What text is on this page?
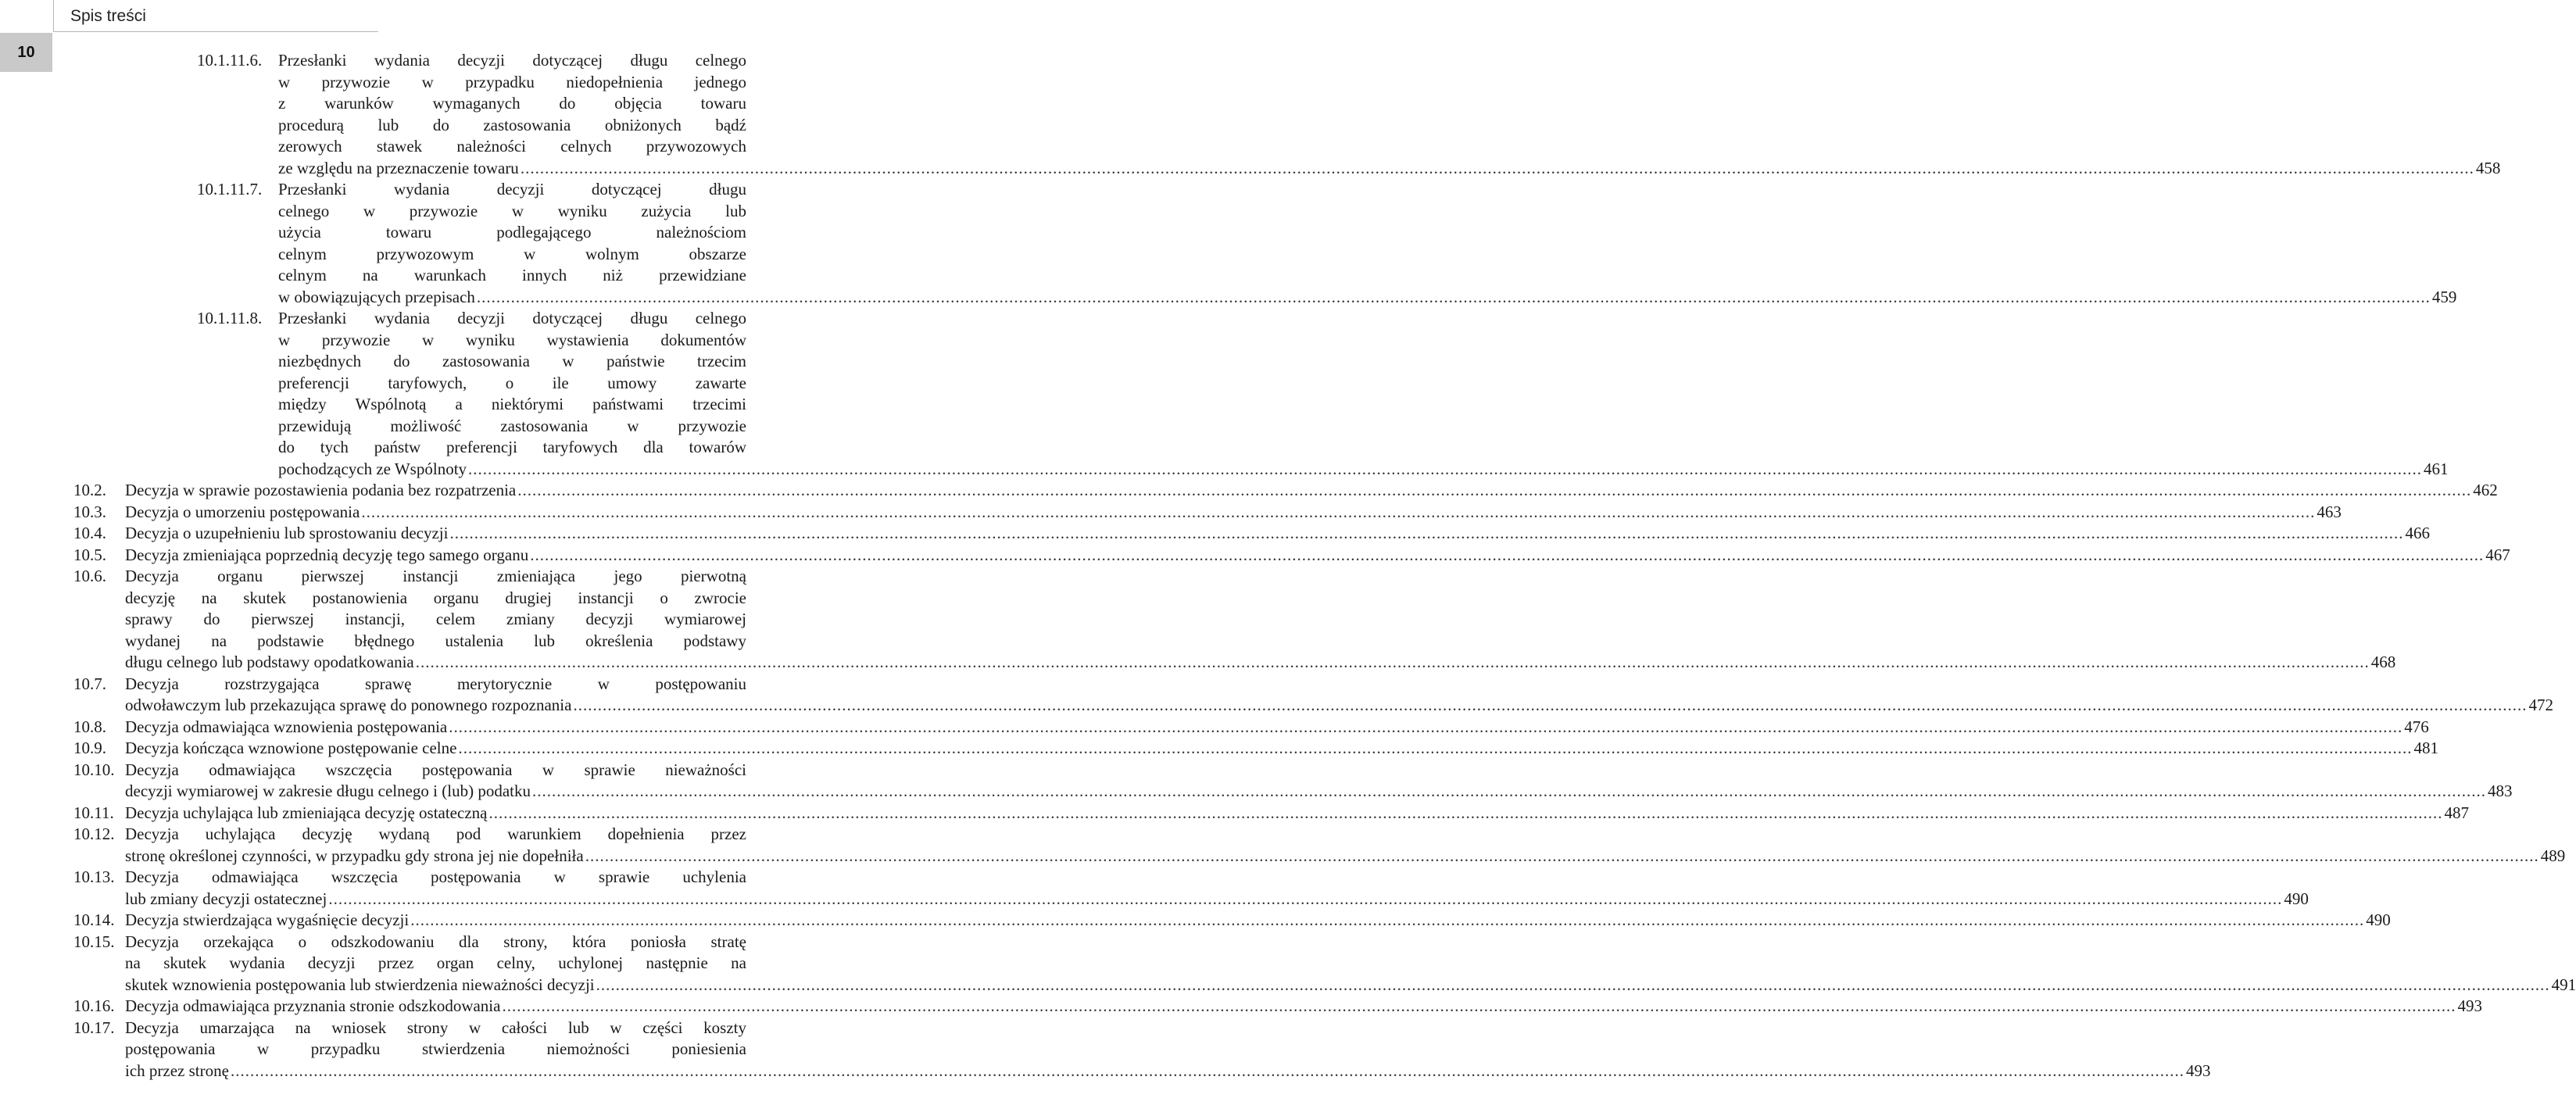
Spis treści
10	10.1.11.6. Przesłanki wydania decyzji dotyczącej długu celnego
w przywozie w przypadku niedopełnienia jednego
z warunków wymaganych do objęcia towaru
procedurą lub do zastosowania obniżonych bądź
zerowych stawek należności celnych przywozowych
ze względu na przeznaczenie towaru ................................................................................................................................................................................................................................................................................................................................................................................................................ 458
10.1.11.7. Przesłanki wydania decyzji dotyczącej długu
celnego w przywozie w wyniku zużycia lub
użycia towaru podlegającego należnościom
celnym przywozowym w wolnym obszarze
celnym na warunkach innych niż przewidziane
w obowiązujących przepisach ................................................................................................................................................................................................................................................................................................................................................................................................................ 459
10.1.11.8. Przesłanki wydania decyzji dotyczącej długu celnego
w przywozie w wyniku wystawienia dokumentów
niezbędnych do zastosowania w państwie trzecim
preferencji taryfowych, o ile umowy zawarte
między Wspólnotą a niektórymi państwami trzecimi
przewidują możliwość zastosowania w przywozie
do tych państw preferencji taryfowych dla towarów
pochodzących ze Wspólnoty ................................................................................................................................................................................................................................................................................................................................................................................................................ 461
10.2. Decyzja w sprawie pozostawienia podania bez rozpatrzenia ................................................................................................................................................................................................................................................................................................................................................................................................................ 462
10.3. Decyzja o umorzeniu postępowania ................................................................................................................................................................................................................................................................................................................................................................................................................ 463
10.4. Decyzja o uzupełnieniu lub sprostowaniu decyzji ................................................................................................................................................................................................................................................................................................................................................................................................................ 466
10.5. Decyzja zmieniająca poprzednią decyzję tego samego organu ................................................................................................................................................................................................................................................................................................................................................................................................................ 467
10.6. Decyzja organu pierwszej instancji zmieniająca jego pierwotną
decyzję na skutek postanowienia organu drugiej instancji o zwrocie
sprawy do pierwszej instancji, celem zmiany decyzji wymiarowej
wydanej na podstawie błędnego ustalenia lub określenia podstawy
długu celnego lub podstawy opodatkowania ................................................................................................................................................................................................................................................................................................................................................................................................................ 468
10.7. Decyzja rozstrzygająca sprawę merytorycznie w postępowaniu
odwoławczym lub przekazująca sprawę do ponownego rozpoznania ................................................................................................................................................................................................................................................................................................................................................................................................................ 472
10.8. Decyzja odmawiająca wznowienia postępowania ................................................................................................................................................................................................................................................................................................................................................................................................................ 476
10.9. Decyzja kończąca wznowione postępowanie celne ................................................................................................................................................................................................................................................................................................................................................................................................................ 481
10.10. Decyzja odmawiająca wszczęcia postępowania w sprawie nieważności
decyzji wymiarowej w zakresie długu celnego i (lub) podatku ................................................................................................................................................................................................................................................................................................................................................................................................................ 483
10.11. Decyzja uchylająca lub zmieniająca decyzję ostateczną ................................................................................................................................................................................................................................................................................................................................................................................................................ 487
10.12. Decyzja uchylająca decyzję wydaną pod warunkiem dopełnienia przez
stronę określonej czynności, w przypadku gdy strona jej nie dopełniła ................................................................................................................................................................................................................................................................................................................................................................................................................ 489
10.13. Decyzja odmawiająca wszczęcia postępowania w sprawie uchylenia
lub zmiany decyzji ostatecznej ................................................................................................................................................................................................................................................................................................................................................................................................................ 490
10.14. Decyzja stwierdzająca wygaśnięcie decyzji ................................................................................................................................................................................................................................................................................................................................................................................................................ 490
10.15. Decyzja orzekająca o odszkodowaniu dla strony, która poniosła stratę
na skutek wydania decyzji przez organ celny, uchylonej następnie na
skutek wznowienia postępowania lub stwierdzenia nieważności decyzji ................................................................................................................................................................................................................................................................................................................................................................................................................ 491
10.16. Decyzja odmawiająca przyznania stronie odszkodowania ................................................................................................................................................................................................................................................................................................................................................................................................................ 493
10.17. Decyzja umarzająca na wniosek strony w całości lub w części koszty
postępowania w przypadku stwierdzenia niemożności poniesienia
ich przez stronę ................................................................................................................................................................................................................................................................................................................................................................................................................ 493
